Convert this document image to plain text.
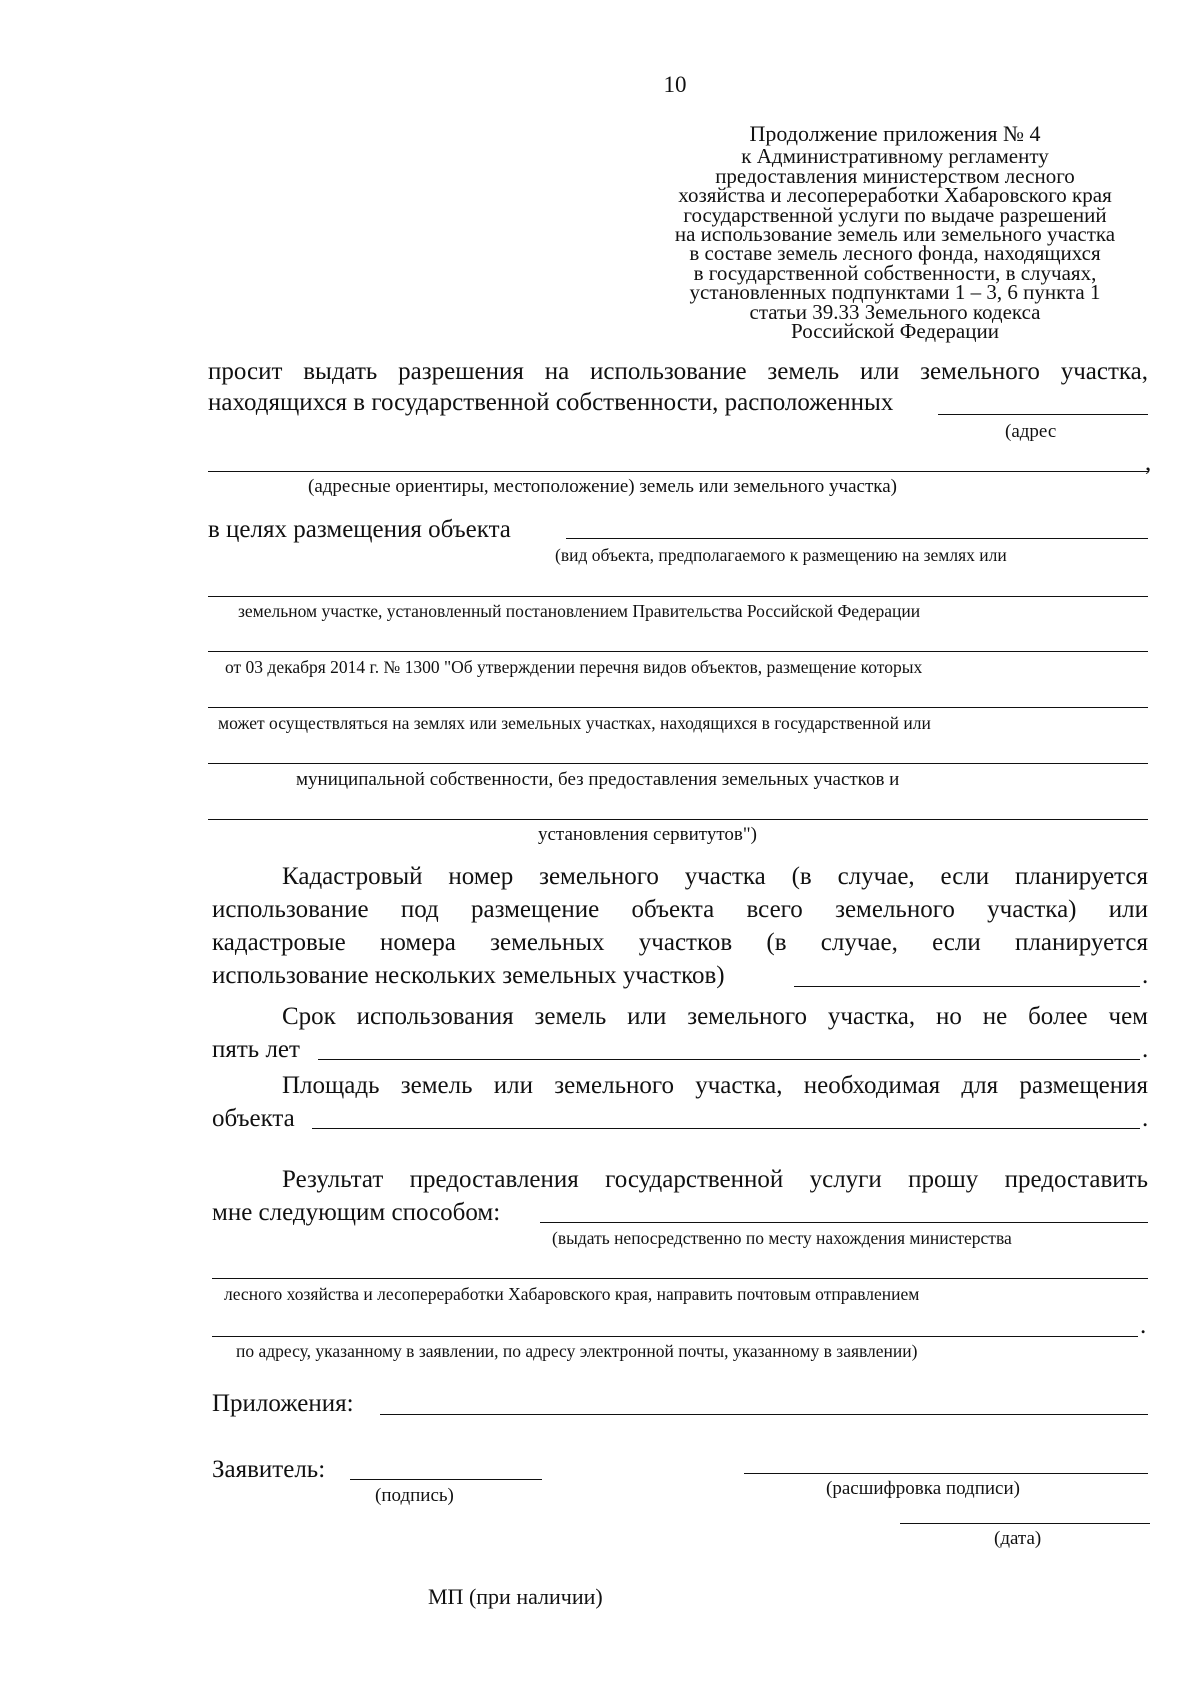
10
Продолжение приложения № 4
к Административному регламенту
предоставления министерством лесного
хозяйства и лесопереработки Хабаровского края
государственной услуги по выдаче разрешений
на использование земель или земельного участка
в составе земель лесного фонда, находящихся
в государственной собственности, в случаях,
установленных подпунктами 1 – 3, 6 пункта 1
статьи 39.33 Земельного кодекса
Российской Федерации
просит выдать разрешения на использование земель или земельного участка,
находящихся в государственной собственности, расположенных
(адрес
,
(адресные ориентиры, местоположение) земель или земельного участка)
в целях размещения объекта
(вид объекта, предполагаемого к размещению на землях или
земельном участке, установленный постановлением Правительства Российской Федерации
от 03 декабря 2014 г. № 1300 "Об утверждении перечня видов объектов, размещение которых
может осуществляться на землях или земельных участках, находящихся в государственной или
муниципальной собственности, без предоставления земельных участков и
установления сервитутов")
Кадастровый номер земельного участка (в случае, если планируется
использование под размещение объекта всего земельного участка) или
кадастровые номера земельных участков (в случае, если планируется
использование нескольких земельных участков)	.
Срок использования земель или земельного участка, но не более чем
пять лет	.
Площадь земель или земельного участка, необходимая для размещения
объекта	.
Результат предоставления государственной услуги прошу предоставить
мне следующим способом:
(выдать непосредственно по месту нахождения министерства
лесного хозяйства и лесопереработки Хабаровского края, направить почтовым отправлением
.
по адресу, указанному в заявлении, по адресу электронной почты, указанному в заявлении)
Приложения:
Заявитель:
(подпись)	(расшифровка подписи)
(дата)
МП (при наличии)
